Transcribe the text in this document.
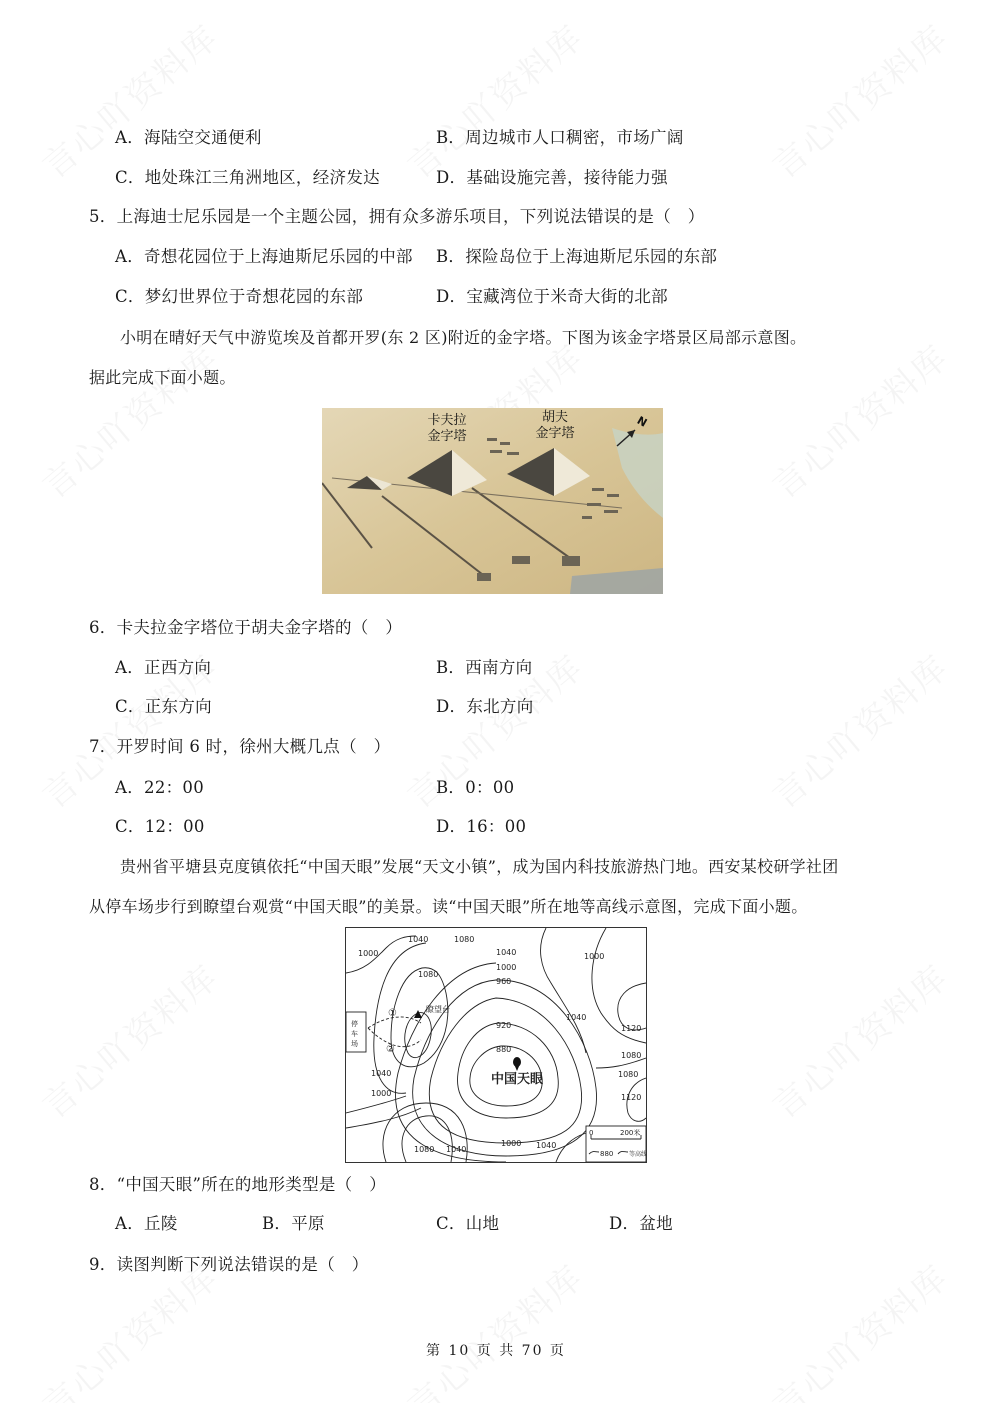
A．海陆空交通便利	B．周边城市人口稠密，市场广阔
C．地处珠江三角洲地区，经济发达	D．基础设施完善，接待能力强
5．上海迪士尼乐园是一个主题公园，拥有众多游乐项目，下列说法错误的是（　）
A．奇想花园位于上海迪斯尼乐园的中部 B．探险岛位于上海迪斯尼乐园的东部
C．梦幻世界位于奇想花园的东部	D．宝藏湾位于米奇大街的北部
小明在晴好天气中游览埃及首都开罗(东 2 区)附近的金字塔。下图为该金字塔景区局部示意图。
据此完成下面小题。
卡夫拉
金字塔
胡夫
金字塔
N
6．卡夫拉金字塔位于胡夫金字塔的（　）
A．正西方向	B．西南方向
C．正东方向	D．东北方向
7．开罗时间 6 时，徐州大概几点（　）
A．22：00	B．0：00
C．12：00	D．16：00
贵州省平塘县克度镇依托“中国天眼”发展“天文小镇”，成为国内科技旅游热门地。西安某校研学社团
从停车场步行到瞭望台观赏“中国天眼”的美景。读“中国天眼”所在地等高线示意图，完成下面小题。
中国天眼
瞭望台
①
②
停
车
场
1000
1040	1080
1040
1000
960
920
880
1000
1040
1120
1080
1080
1120
1040
1000
1080
1080 1040
1000 1040
0	200米
880	等高线
8．“中国天眼”所在的地形类型是（　）
A．丘陵	B．平原	C．山地	D．盆地
9．读图判断下列说法错误的是（　）
第 10 页 共 70 页
